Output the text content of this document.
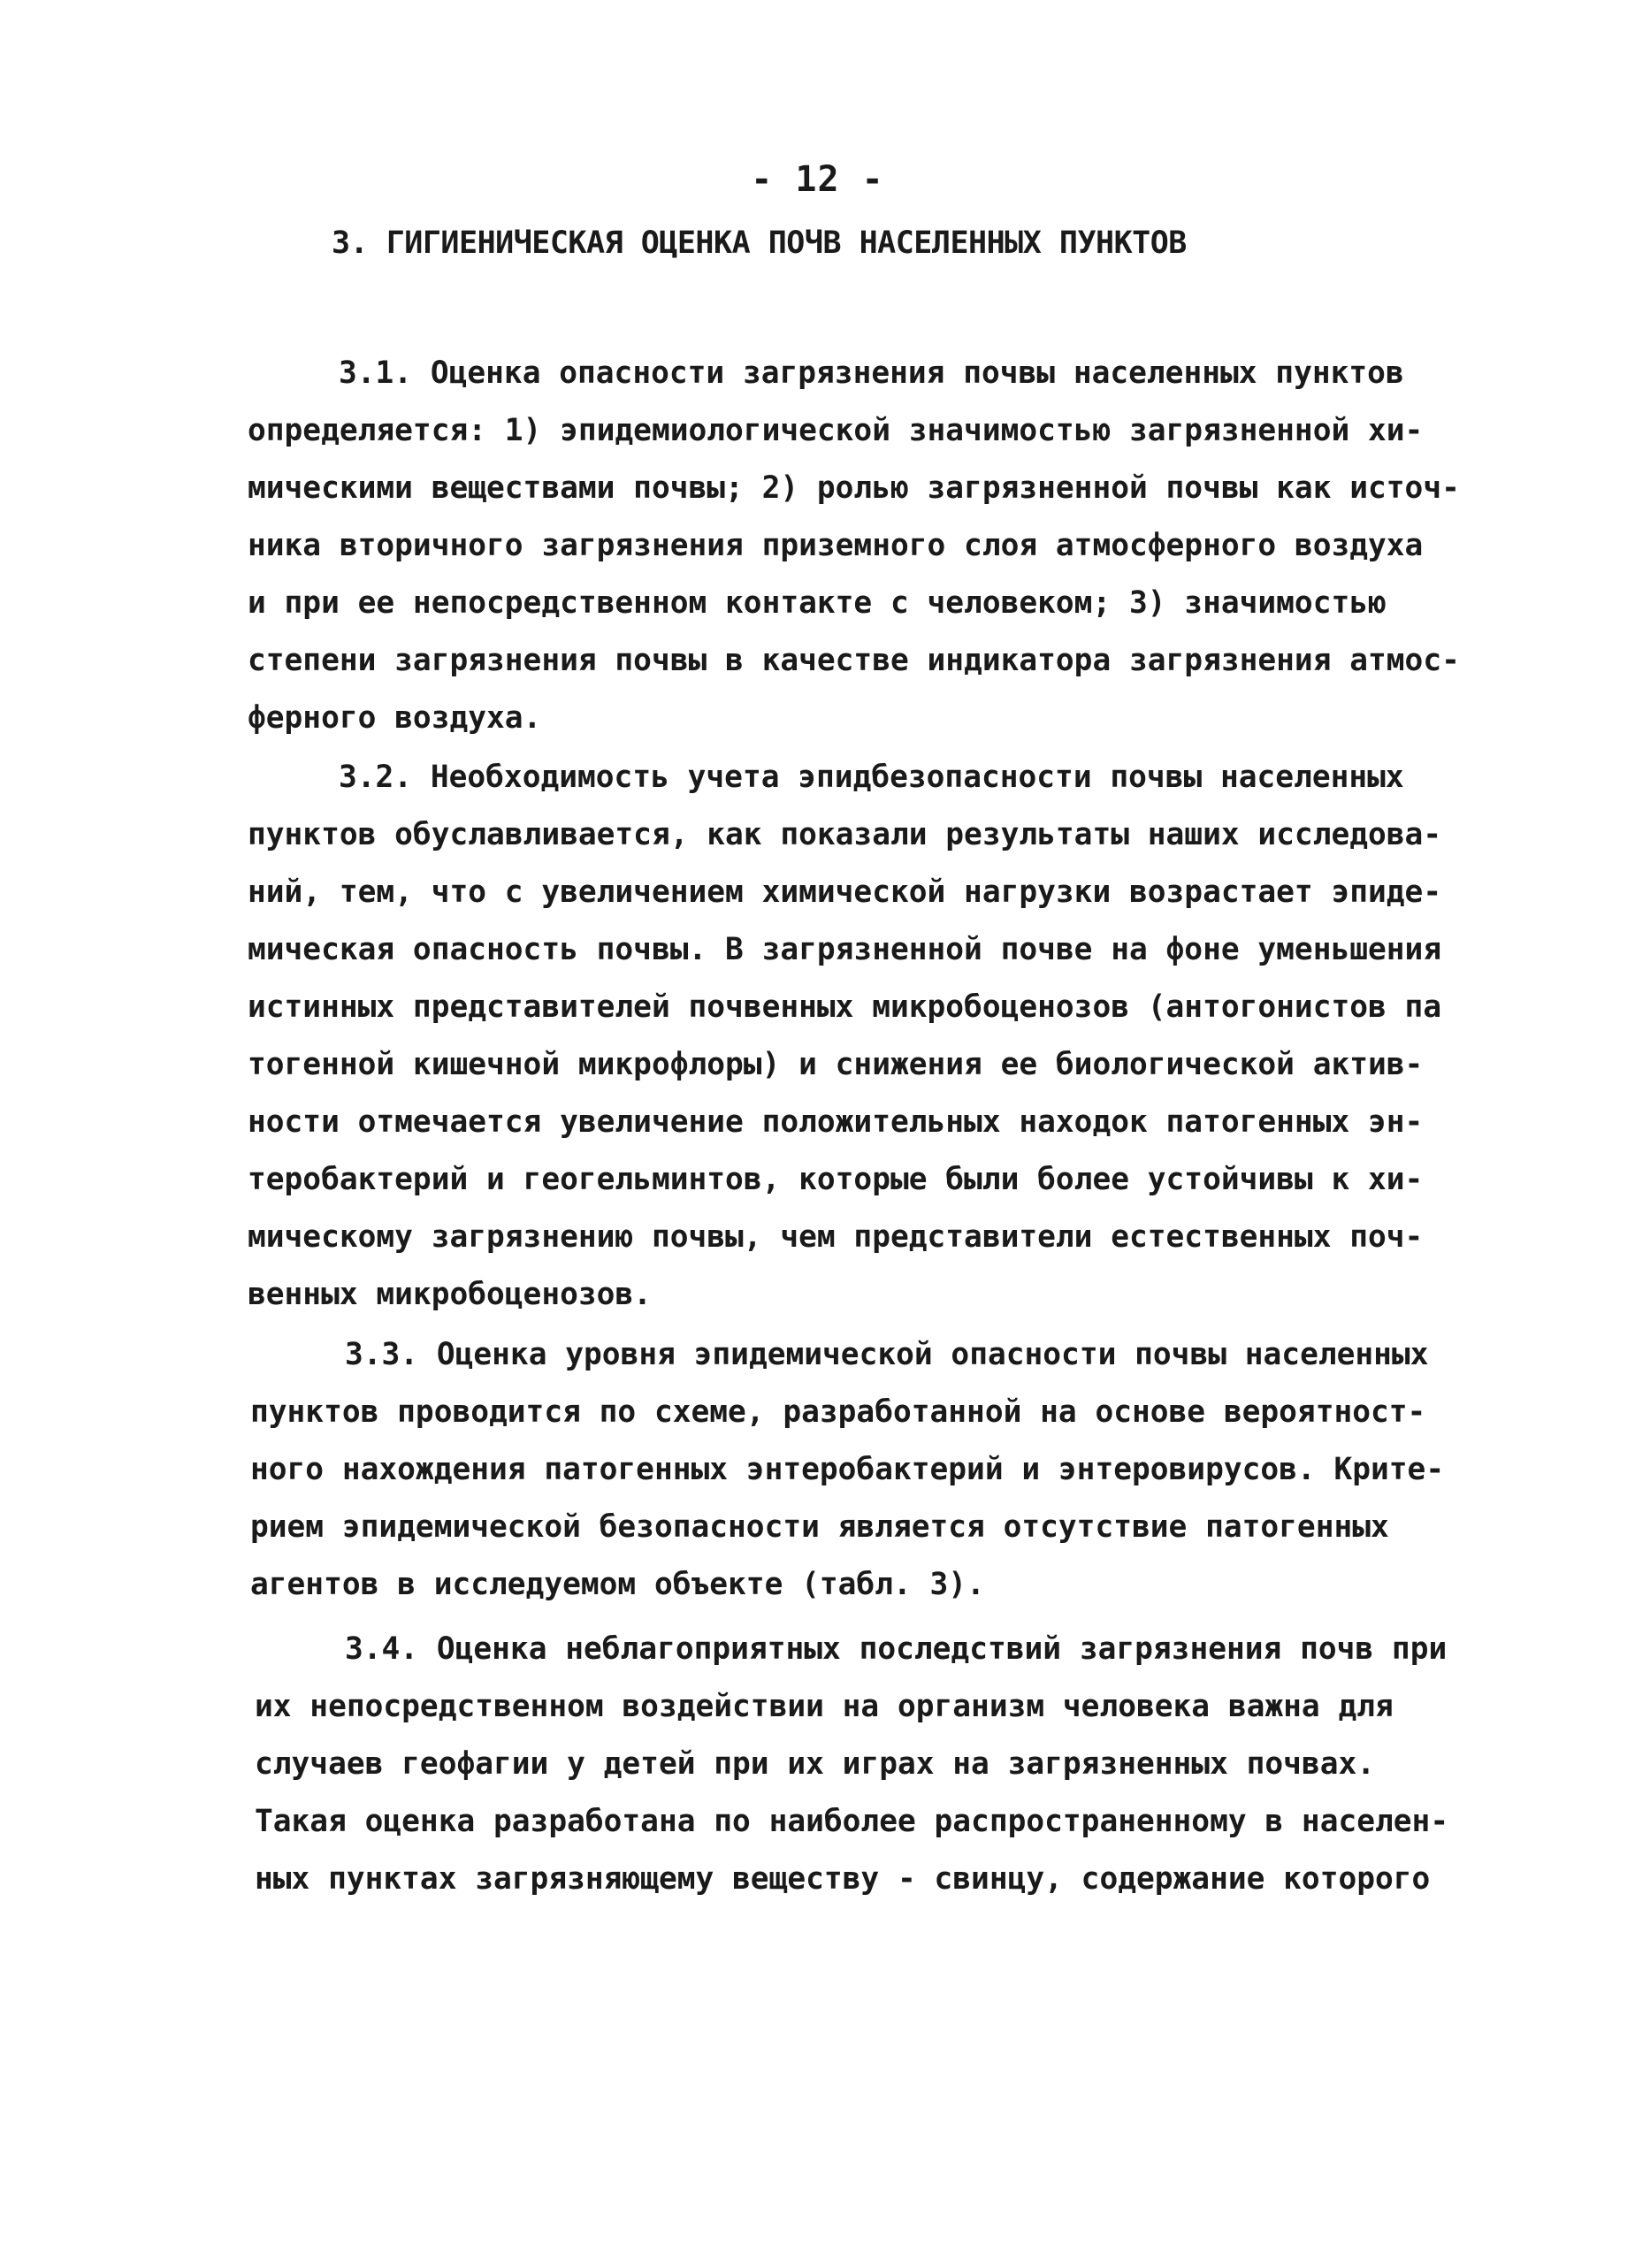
- 12 -
3. ГИГИЕНИЧЕСКАЯ ОЦЕНКА ПОЧВ НАСЕЛЕННЫХ ПУНКТОВ
3.1. Оценка опасности загрязнения почвы населенных пунктов
определяется: 1) эпидемиологической значимостью загрязненной хи-
мическими веществами почвы; 2) ролью загрязненной почвы как источ-
ника вторичного загрязнения приземного слоя атмосферного воздуха
и при ее непосредственном контакте с человеком; 3) значимостью
степени загрязнения почвы в качестве индикатора загрязнения атмос-
ферного воздуха.
3.2. Необходимость учета эпидбезопасности почвы населенных
пунктов обуславливается, как показали результаты наших исследова-
ний, тем, что с увеличением химической нагрузки возрастает эпиде-
мическая опасность почвы. В загрязненной почве на фоне уменьшения
истинных представителей почвенных микробоценозов (антогонистов па
тогенной кишечной микрофлоры) и снижения ее биологической актив-
ности отмечается увеличение положительных находок патогенных эн-
теробактерий и геогельминтов, которые были более устойчивы к хи-
мическому загрязнению почвы, чем представители естественных поч-
венных микробоценозов.
3.3. Оценка уровня эпидемической опасности почвы населенных
пунктов проводится по схеме, разработанной на основе вероятност-
ного нахождения патогенных энтеробактерий и энтеровирусов. Крите-
рием эпидемической безопасности является отсутствие патогенных
агентов в исследуемом объекте (табл. 3).
3.4. Оценка неблагоприятных последствий загрязнения почв при
их непосредственном воздействии на организм человека важна для
случаев геофагии у детей при их играх на загрязненных почвах.
Такая оценка разработана по наиболее распространенному в населен-
ных пунктах загрязняющему веществу - свинцу, содержание которого
